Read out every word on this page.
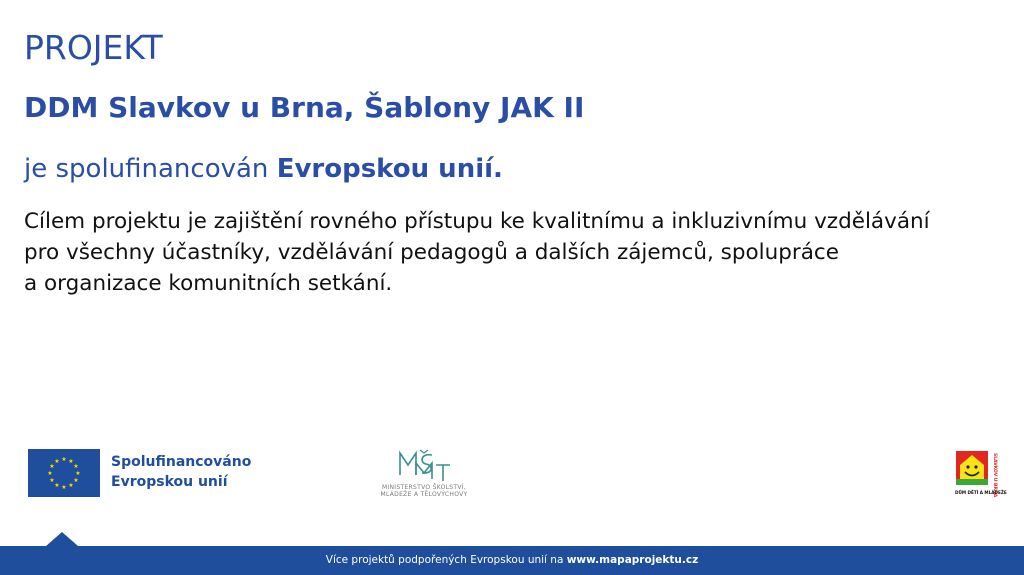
PROJEKT
DDM Slavkov u Brna, Šablony JAK II
je spolufinancován Evropskou unií.
Cílem projektu je zajištění rovného přístupu ke kvalitnímu a inkluzivnímu vzdělávání
pro všechny účastníky, vzdělávání pedagogů a dalších zájemců, spolupráce
a organizace komunitních setkání.
★ ★
★
★
★
★
★
★
★
★
★
★	Spolufinancováno
Evropskou unií	MINISTERSTVO ŠKOLSTVÍ,
MLÁDEŽE A TĚLOVÝCHOVY	SLAVKOV U BRNA
DŮM DĚTÍ A MLÁDEŽE
Více projektů podpořených Evropskou unií na www.mapaprojektu.cz
